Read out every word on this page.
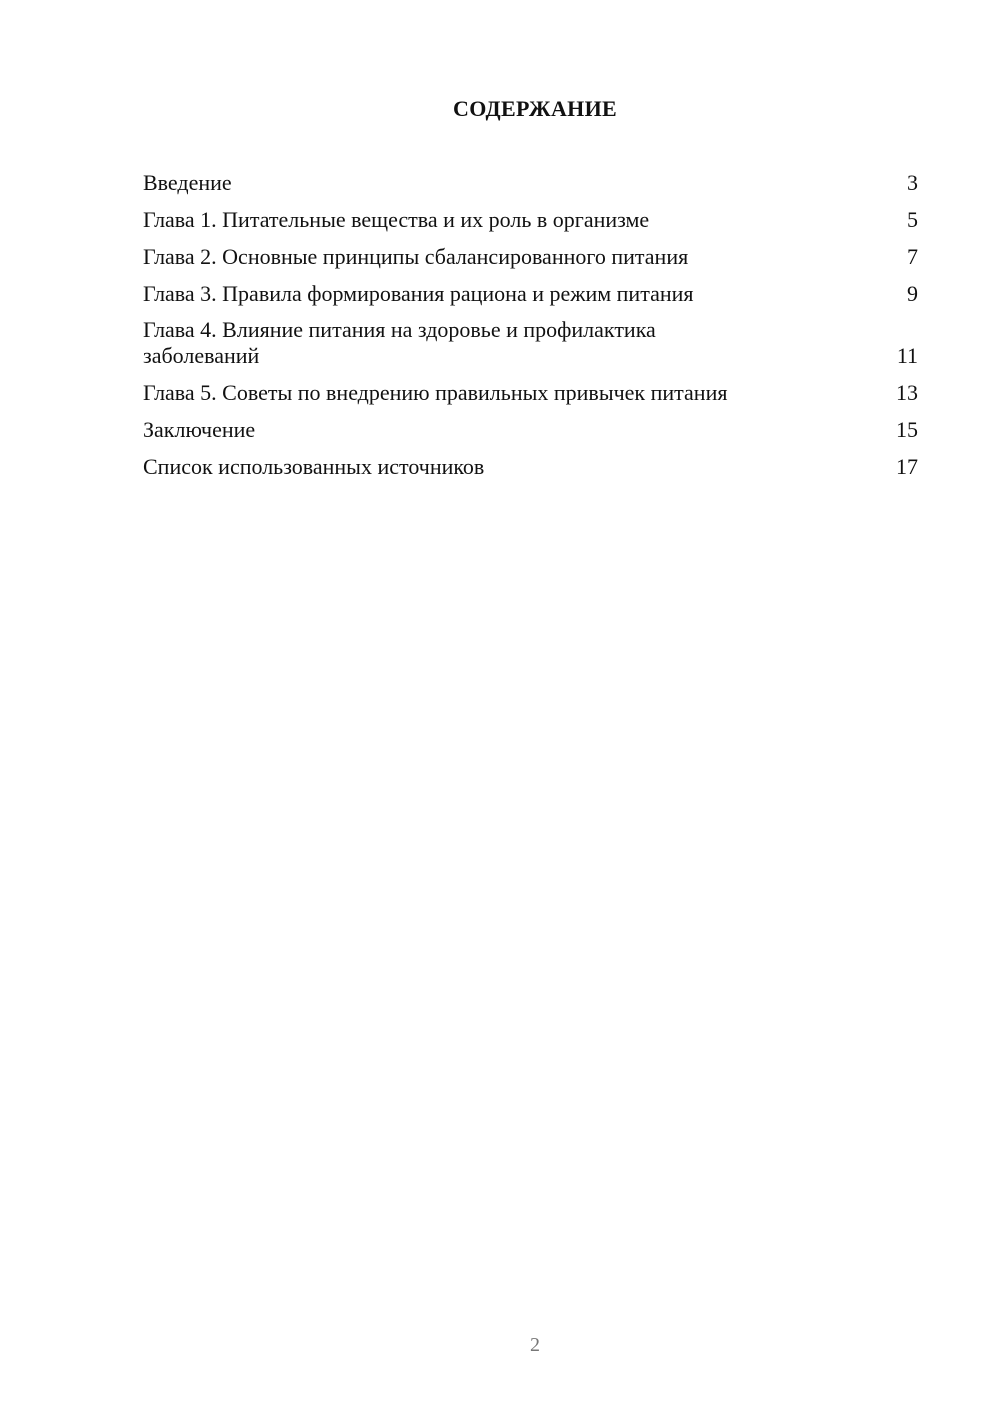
СОДЕРЖАНИЕ
Введение	3
Глава 1. Питательные вещества и их роль в организме	5
Глава 2. Основные принципы сбалансированного питания	7
Глава 3. Правила формирования рациона и режим питания	9
Глава 4. Влияние питания на здоровье и профилактика заболеваний	11
Глава 5. Советы по внедрению правильных привычек питания	13
Заключение	15
Список использованных источников	17
2
